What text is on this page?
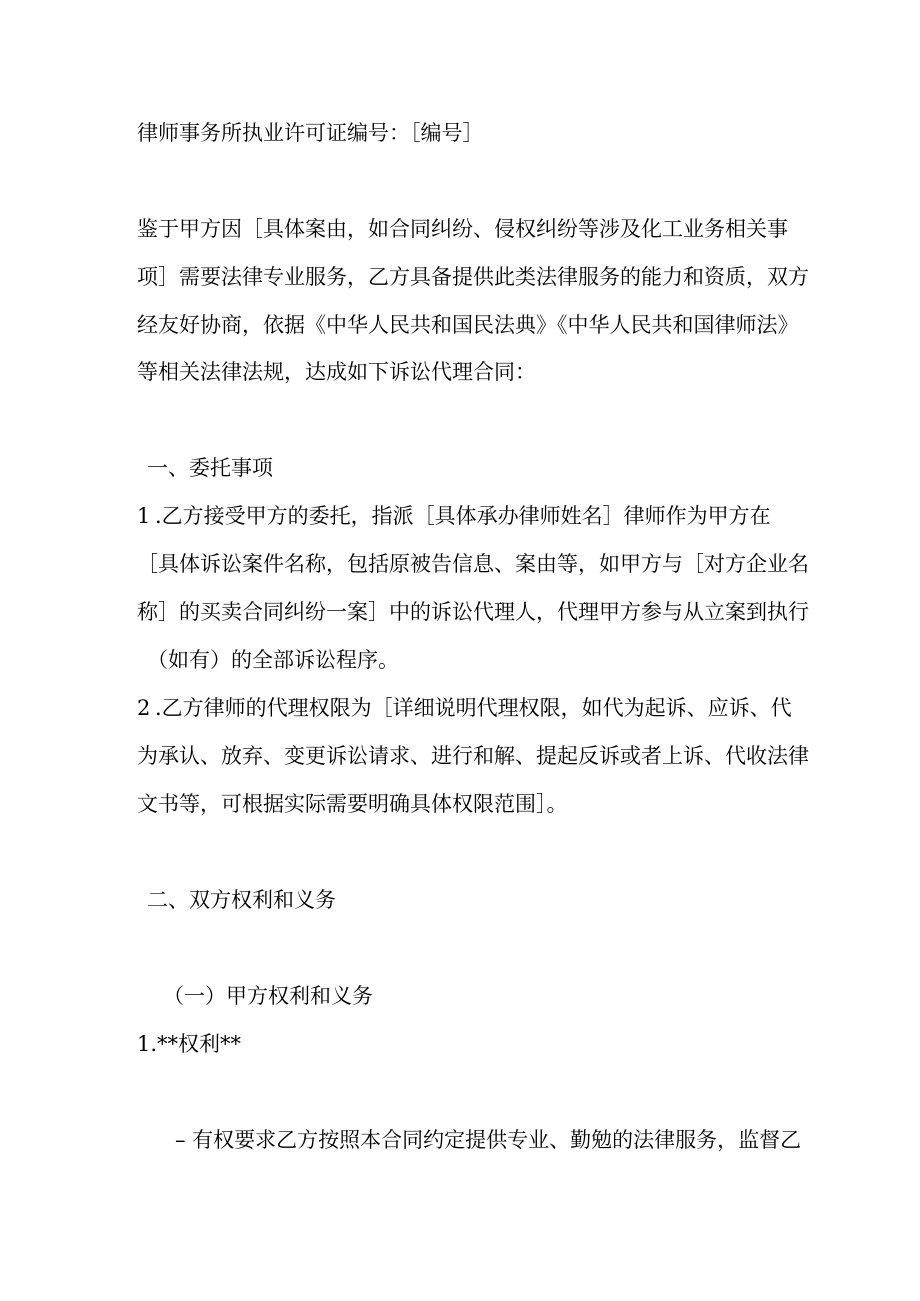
律师事务所执业许可证编号：［编号］
鉴于甲方因［具体案由，如合同纠纷、侵权纠纷等涉及化工业务相关事
项］需要法律专业服务，乙方具备提供此类法律服务的能力和资质，双方
经友好协商，依据《中华人民共和国民法典》《中华人民共和国律师法》
等相关法律法规，达成如下诉讼代理合同：
一、委托事项
1 .乙方接受甲方的委托，指派［具体承办律师姓名］律师作为甲方在
［具体诉讼案件名称，包括原被告信息、案由等，如甲方与［对方企业名
称］的买卖合同纠纷一案］中的诉讼代理人，代理甲方参与从立案到执行
（如有）的全部诉讼程序。
2 .乙方律师的代理权限为［详细说明代理权限，如代为起诉、应诉、代
为承认、放弃、变更诉讼请求、进行和解、提起反诉或者上诉、代收法律
文书等，可根据实际需要明确具体权限范围］。
二、双方权利和义务
（一）甲方权利和义务
1.**权利**
– 有权要求乙方按照本合同约定提供专业、勤勉的法律服务，监督乙
